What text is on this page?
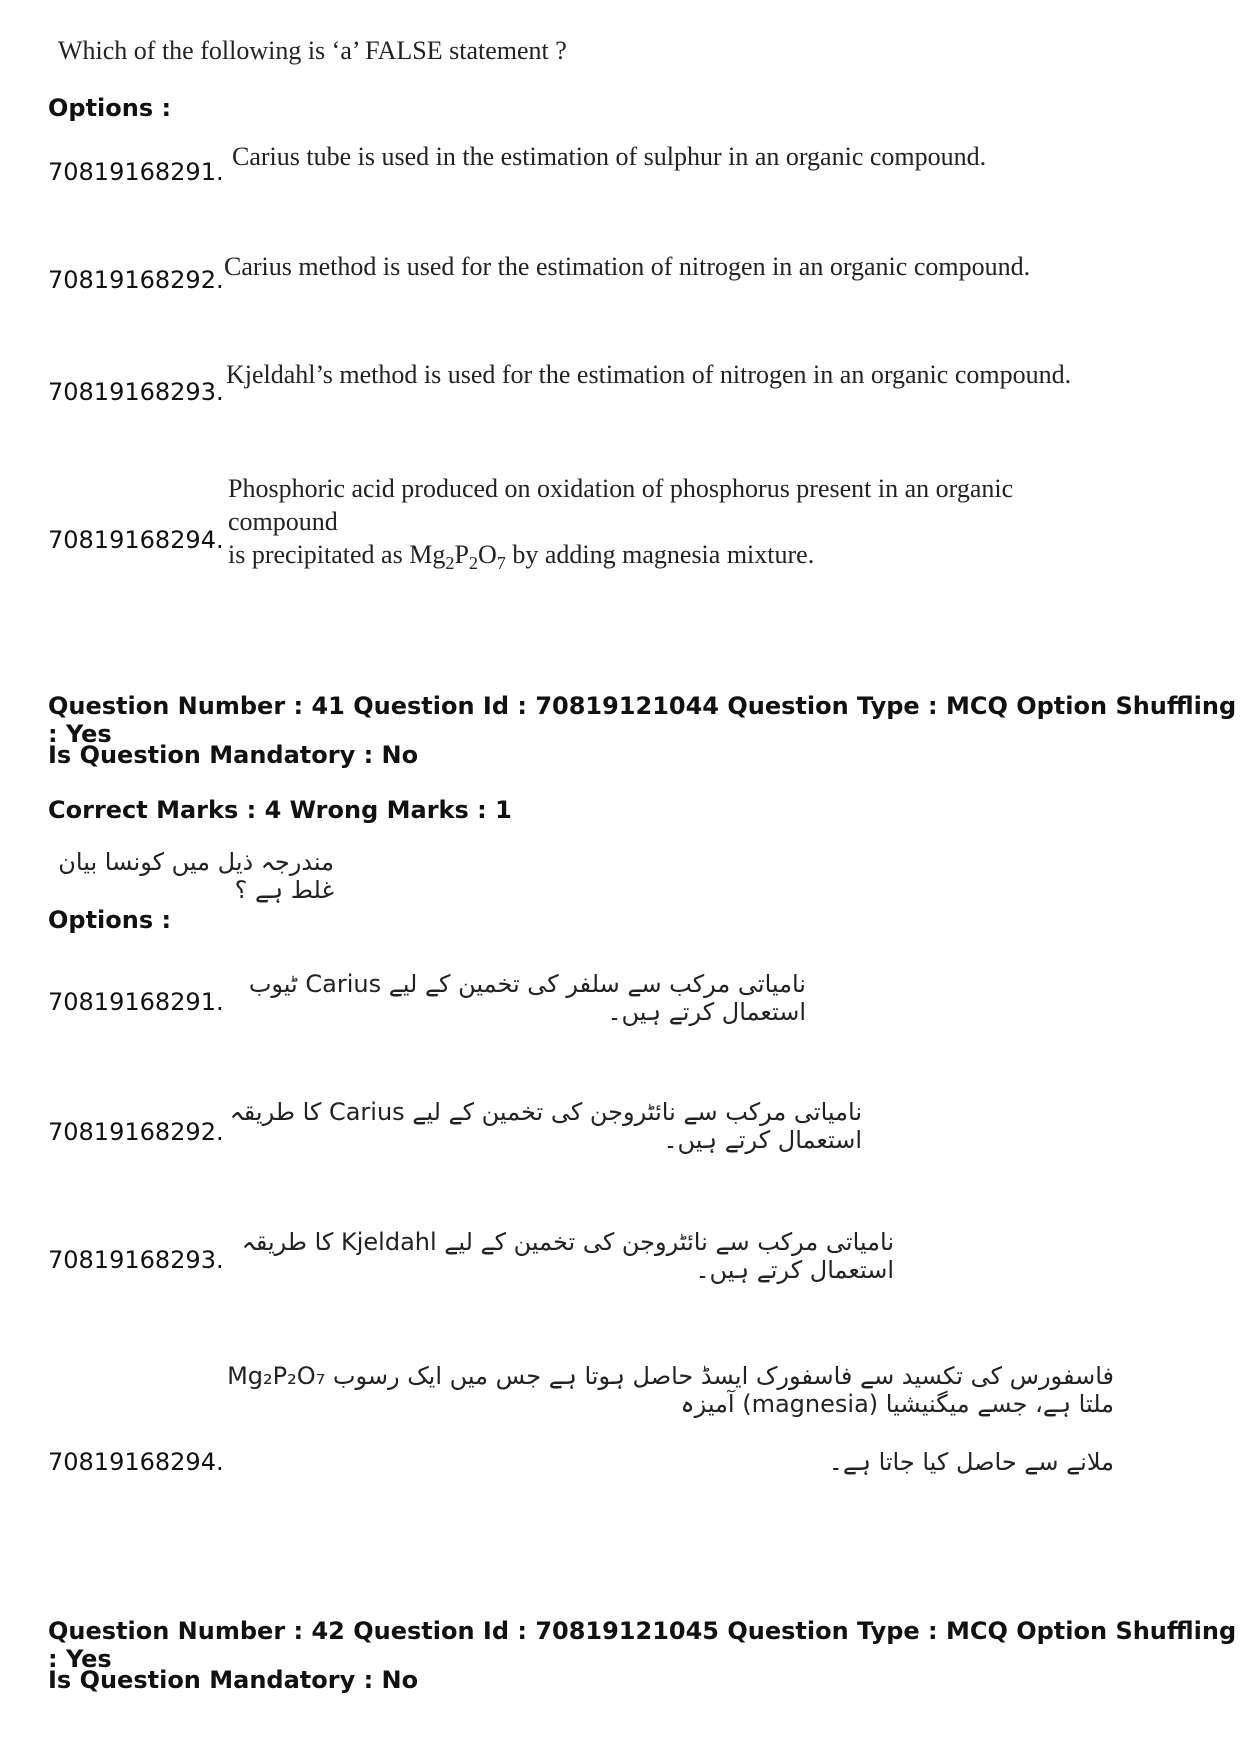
Which of the following is ‘a’ FALSE statement ?
Options :
70819168291.
Carius tube is used in the estimation of sulphur in an organic compound.
70819168292. Carius method is used for the estimation of nitrogen in an organic compound.
70819168293.
Kjeldahl’s method is used for the estimation of nitrogen in an organic compound.
70819168294.
Phosphoric acid produced on oxidation of phosphorus present in an organic compound
is precipitated as $Mg_2P_2O_7$ by adding magnesia mixture.
Question Number : 41 Question Id : 70819121044 Question Type : MCQ Option Shuffling : Yes
Is Question Mandatory : No
Correct Marks : 4 Wrong Marks : 1
مندرجہ ذیل میں کونسا بیان غلط ہے ؟
Options :
70819168291.
نامیاتی مرکب سے سلفر کی تخمین کے لیے Carius ٹیوب استعمال کرتے ہیں۔
70819168292.
نامیاتی مرکب سے نائٹروجن کی تخمین کے لیے Carius کا طریقہ استعمال کرتے ہیں۔
70819168293.
نامیاتی مرکب سے نائٹروجن کی تخمین کے لیے Kjeldahl کا طریقہ استعمال کرتے ہیں۔
70819168294.
فاسفورس کی تکسید سے فاسفورک ایسڈ حاصل ہوتا ہے جس میں ایک رسوب Mg₂P₂O₇ ملتا ہے، جسے میگنیشیا (magnesia) آمیزہ
ملانے سے حاصل کیا جاتا ہے۔
Question Number : 42 Question Id : 70819121045 Question Type : MCQ Option Shuffling : Yes
Is Question Mandatory : No
